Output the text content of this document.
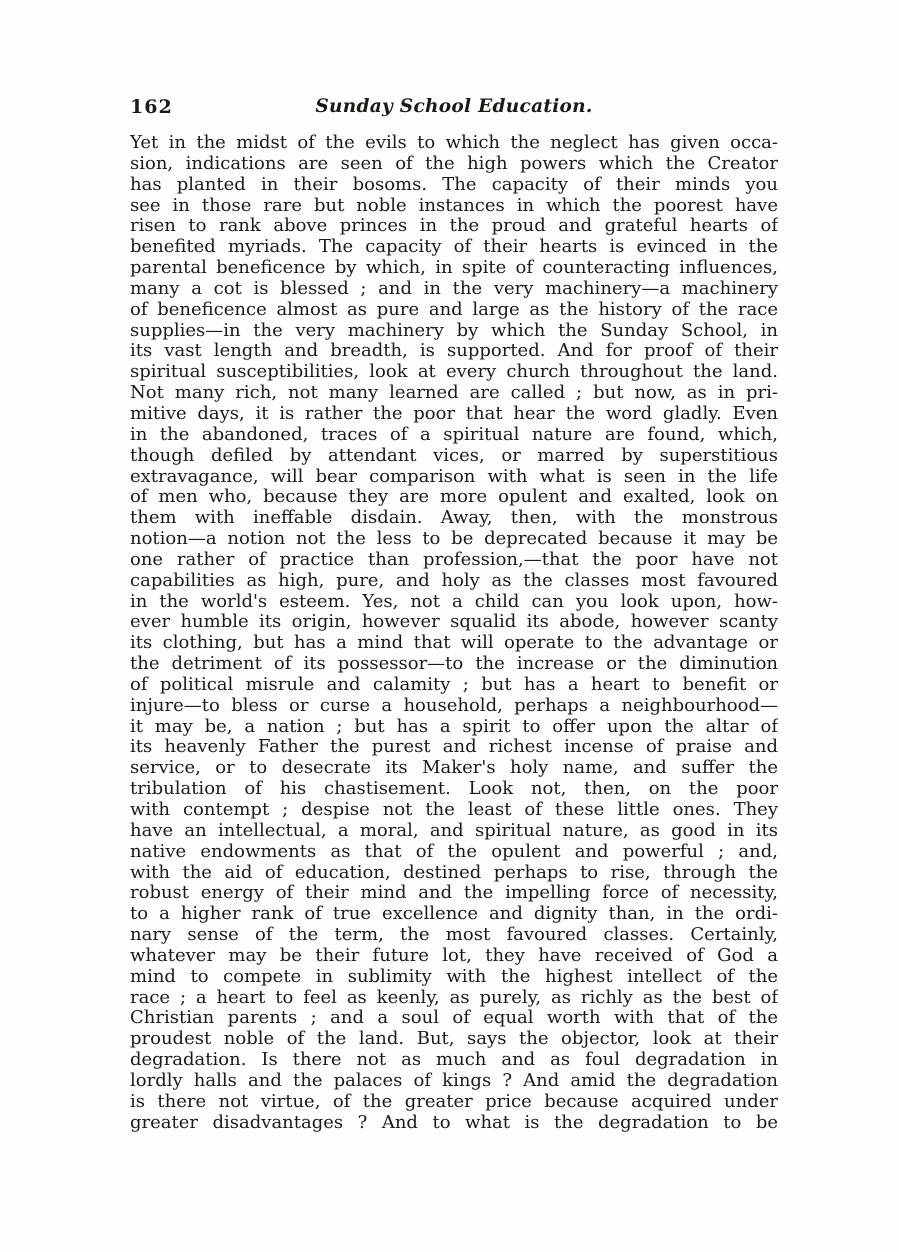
162	Sunday School Education.
Yet in the midst of the evils to which the neglect has given occa-
sion, indications are seen of the high powers which the Creator
has planted in their bosoms. The capacity of their minds you
see in those rare but noble instances in which the poorest have
risen to rank above princes in the proud and grateful hearts of
benefited myriads. The capacity of their hearts is evinced in the
parental beneficence by which, in spite of counteracting influences,
many a cot is blessed ; and in the very machinery—a machinery
of beneficence almost as pure and large as the history of the race
supplies—in the very machinery by which the Sunday School, in
its vast length and breadth, is supported. And for proof of their
spiritual susceptibilities, look at every church throughout the land.
Not many rich, not many learned are called ; but now, as in pri-
mitive days, it is rather the poor that hear the word gladly. Even
in the abandoned, traces of a spiritual nature are found, which,
though defiled by attendant vices, or marred by superstitious
extravagance, will bear comparison with what is seen in the life
of men who, because they are more opulent and exalted, look on
them with ineffable disdain. Away, then, with the monstrous
notion—a notion not the less to be deprecated because it may be
one rather of practice than profession,—that the poor have not
capabilities as high, pure, and holy as the classes most favoured
in the world's esteem. Yes, not a child can you look upon, how-
ever humble its origin, however squalid its abode, however scanty
its clothing, but has a mind that will operate to the advantage or
the detriment of its possessor—to the increase or the diminution
of political misrule and calamity ; but has a heart to benefit or
injure—to bless or curse a household, perhaps a neighbourhood—
it may be, a nation ; but has a spirit to offer upon the altar of
its heavenly Father the purest and richest incense of praise and
service, or to desecrate its Maker's holy name, and suffer the
tribulation of his chastisement. Look not, then, on the poor
with contempt ; despise not the least of these little ones. They
have an intellectual, a moral, and spiritual nature, as good in its
native endowments as that of the opulent and powerful ; and,
with the aid of education, destined perhaps to rise, through the
robust energy of their mind and the impelling force of necessity,
to a higher rank of true excellence and dignity than, in the ordi-
nary sense of the term, the most favoured classes. Certainly,
whatever may be their future lot, they have received of God a
mind to compete in sublimity with the highest intellect of the
race ; a heart to feel as keenly, as purely, as richly as the best of
Christian parents ; and a soul of equal worth with that of the
proudest noble of the land. But, says the objector, look at their
degradation. Is there not as much and as foul degradation in
lordly halls and the palaces of kings ? And amid the degradation
is there not virtue, of the greater price because acquired under
greater disadvantages ? And to what is the degradation to be
